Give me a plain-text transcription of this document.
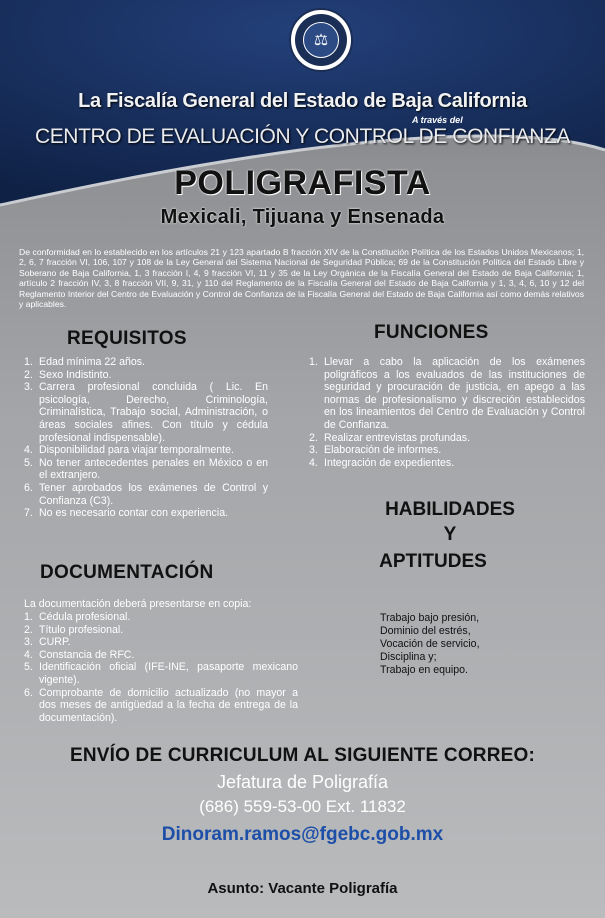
⚖
La Fiscalía General del Estado de Baja California
A través del
CENTRO DE EVALUACIÓN Y CONTROL DE CONFIANZA
POLIGRAFISTA
Mexicali, Tijuana y Ensenada
De conformidad en lo establecido en los artículos 21 y 123 apartado B fracción XIV de la Constitución Política de los Estados Unidos Mexicanos; 1, 2, 6, 7 fracción VI, 106, 107 y 108 de la Ley General del Sistema Nacional de Seguridad Pública; 69 de la Constitución Política del Estado Libre y Soberano de Baja California, 1, 3 fracción I, 4, 9 fracción VI, 11 y 35 de la Ley Orgánica de la Fiscalía General del Estado de Baja California; 1, artículo 2 fracción IV, 3, 8 fracción VII, 9, 31, y 110 del Reglamento de la Fiscalía General del Estado de Baja California y 1, 3, 4, 6, 10 y 12 del Reglamento Interior del Centro de Evaluación y Control de Confianza de la Fiscalía General del Estado de Baja California así como demás relativos y aplicables.
REQUISITOS
1. Edad mínima 22 años.
2. Sexo Indistinto.
3. Carrera profesional concluida ( Lic. En psicología, Derecho, Criminología, Criminalística, Trabajo social, Administración, o áreas sociales afines. Con título y cédula profesional indispensable).
4. Disponibilidad para viajar temporalmente.
5. No tener antecedentes penales en México o en el extranjero.
6. Tener aprobados los exámenes de Control y Confianza (C3).
7. No es necesario contar con experiencia.
FUNCIONES
1. Llevar a cabo la aplicación de los exámenes poligráficos a los evaluados de las instituciones de seguridad y procuración de justicia, en apego a las normas de profesionalismo y discreción establecidos en los lineamientos del Centro de Evaluación y Control de Confianza.
2. Realizar entrevistas profundas.
3. Elaboración de informes.
4. Integración de expedientes.
HABILIDADES
Y
APTITUDES
Trabajo bajo presión,
Dominio del estrés,
Vocación de servicio,
Disciplina y;
Trabajo en equipo.
DOCUMENTACIÓN
La documentación deberá presentarse en copia:
1. Cédula profesional.
2. Título profesional.
3. CURP.
4. Constancia de RFC.
5. Identificación oficial (IFE-INE, pasaporte mexicano vigente).
6. Comprobante de domicilio actualizado (no mayor a dos meses de antigüedad a la fecha de entrega de la documentación).
ENVÍO DE CURRICULUM AL SIGUIENTE CORREO:
Jefatura de Poligrafía
(686) 559-53-00 Ext. 11832
Dinoram.ramos@fgebc.gob.mx
Asunto: Vacante Poligrafía
